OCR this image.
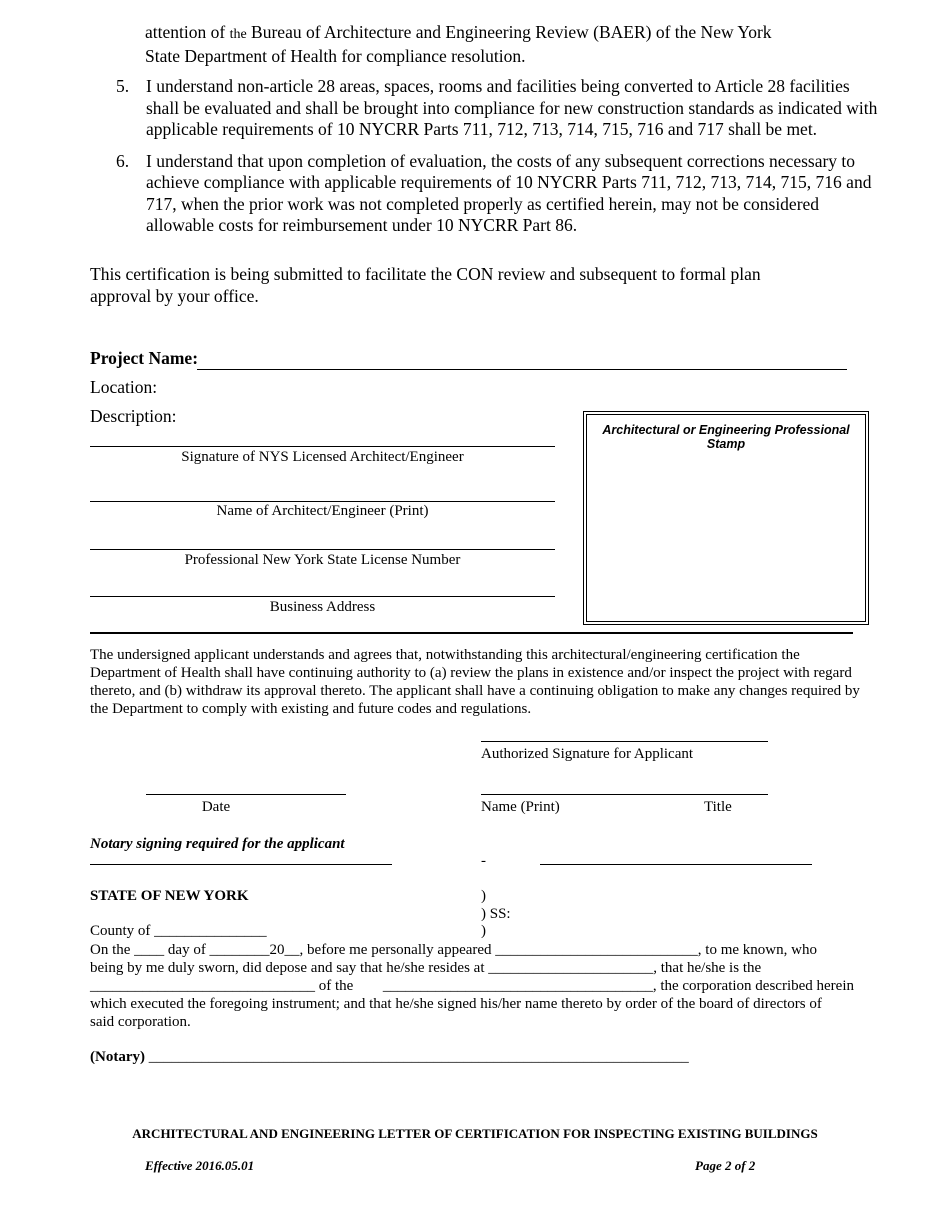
attention of the Bureau of Architecture and Engineering Review (BAER) of the New York
State Department of Health for compliance resolution.
5. I understand non-article 28 areas, spaces, rooms and facilities being converted to Article 28 facilities shall be evaluated and shall be brought into compliance for new construction standards as indicated with applicable requirements of 10 NYCRR Parts 711, 712, 713, 714, 715, 716 and 717 shall be met.
6. I understand that upon completion of evaluation, the costs of any subsequent corrections necessary to achieve compliance with applicable requirements of 10 NYCRR Parts 711, 712, 713, 714, 715, 716 and 717, when the prior work was not completed properly as certified herein, may not be considered allowable costs for reimbursement under 10 NYCRR Part 86.
This certification is being submitted to facilitate the CON review and subsequent to formal plan approval by your office.
Project Name:
Location:
Description:
Signature of NYS Licensed Architect/Engineer
Name of Architect/Engineer (Print)
Professional New York State License Number
Business Address
Architectural or Engineering Professional Stamp
The undersigned applicant understands and agrees that, notwithstanding this architectural/engineering certification the Department of Health shall have continuing authority to (a) review the plans in existence and/or inspect the project with regard thereto, and (b) withdraw its approval thereto. The applicant shall have a continuing obligation to make any changes required by the Department to comply with existing and future codes and regulations.
Authorized Signature for Applicant
Date	Name (Print)	Title
Notary signing required for the applicant
-
STATE OF NEW YORK	)
) SS:
County of _______________	)
On the ____ day of ________20__, before me personally appeared ___________________________, to me known, who
being by me duly sworn, did depose and say that he/she resides at ______________________, that he/she is the
______________________________ of the ____________________________________, the corporation described herein
which executed the foregoing instrument; and that he/she signed his/her name thereto by order of the board of directors of
said corporation.
(Notary) ________________________________________________________________________
ARCHITECTURAL AND ENGINEERING LETTER OF CERTIFICATION FOR INSPECTING EXISTING BUILDINGS
Effective 2016.05.01	Page 2 of 2
